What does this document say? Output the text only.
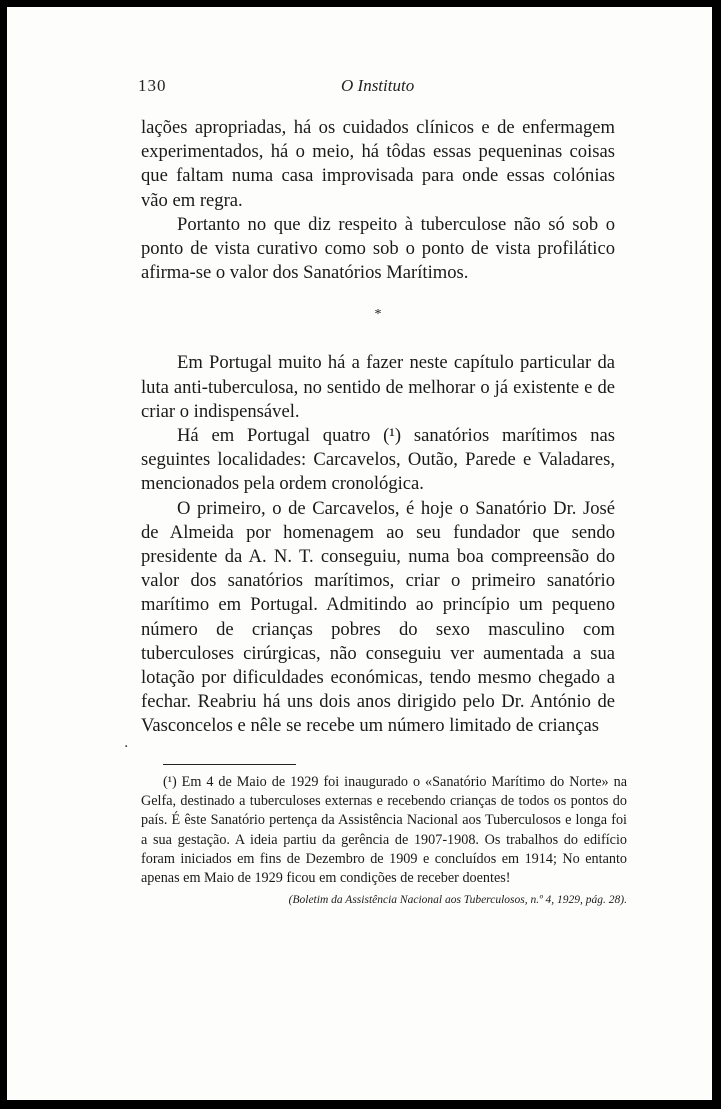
130	O Instituto

lações apropriadas, há os cuidados clínicos e de enfermagem experimentados, há o meio, há tôdas essas pequeninas coisas que faltam numa casa improvisada para onde essas colónias vão em regra.

Portanto no que diz respeito à tuberculose não só sob o ponto de vista curativo como sob o ponto de vista profilático afirma-se o valor dos Sanatórios Marítimos.

*

Em Portugal muito há a fazer neste capítulo particular da luta anti-tuberculosa, no sentido de melhorar o já existente e de criar o indispensável.

Há em Portugal quatro (¹) sanatórios marítimos nas seguintes localidades: Carcavelos, Outão, Parede e Valadares, mencionados pela ordem cronológica.

O primeiro, o de Carcavelos, é hoje o Sanatório Dr. José de Almeida por homenagem ao seu fundador que sendo presidente da A. N. T. conseguiu, numa boa compreensão do valor dos sanatórios marítimos, criar o primeiro sanatório marítimo em Portugal. Admitindo ao princípio um pequeno número de crianças pobres do sexo masculino com tuberculoses cirúrgicas, não conseguiu ver aumentada a sua lotação por dificuldades económicas, tendo mesmo chegado a fechar. Reabriu há uns dois anos dirigido pelo Dr. António de Vasconcelos e nêle se recebe um número limitado de crianças

.

(¹) Em 4 de Maio de 1929 foi inaugurado o «Sanatório Marítimo do Norte» na Gelfa, destinado a tuberculoses externas e recebendo crianças de todos os pontos do país. É êste Sanatório pertença da Assistência Nacional aos Tuberculosos e longa foi a sua gestação. A ideia partiu da gerência de 1907-1908. Os trabalhos do edifício foram iniciados em fins de Dezembro de 1909 e concluídos em 1914; No entanto apenas em Maio de 1929 ficou em condições de receber doentes!

(Boletim da Assistência Nacional aos Tuberculosos, n.º 4, 1929, pág. 28).
